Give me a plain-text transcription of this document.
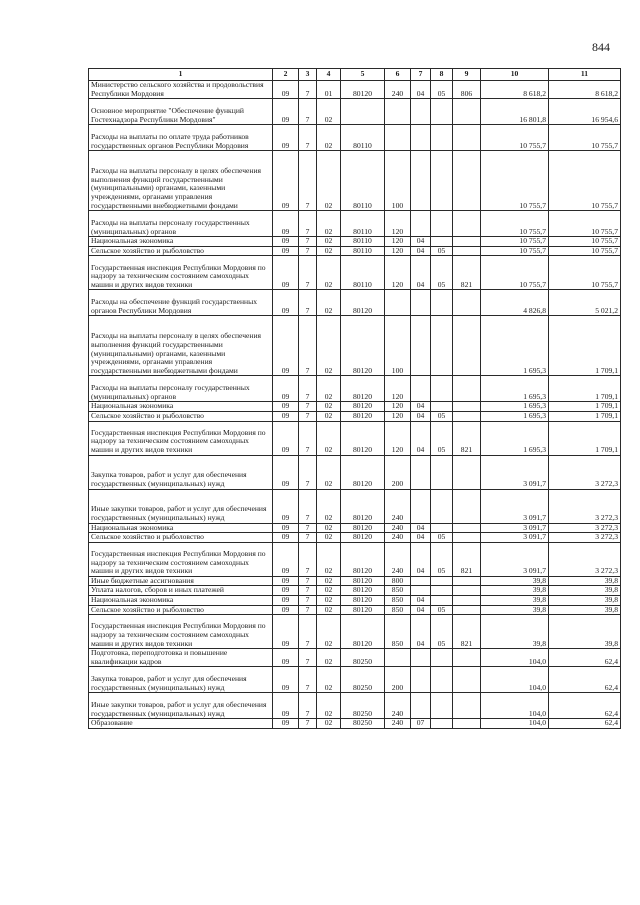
844
1	2	3	4	5	6	7	8	9	10	11
Министерство сельского хозяйства и продовольствия Республики Мордовия	09	7	01	80120	240	04	05	806	8 618,2	8 618,2
Основное мероприятие "Обеспечение функций Гостехнадзора Республики Мордовия"	09	7	02						16 801,8	16 954,6
Расходы на выплаты по оплате труда работников государственных органов Республики Мордовия	09	7	02	80110					10 755,7	10 755,7
Расходы на выплаты персоналу в целях обеспечения выполнения функций государственными (муниципальными) органами, казенными учреждениями, органами управления государственными внебюджетными фондами	09	7	02	80110	100				10 755,7	10 755,7
Расходы на выплаты персоналу государственных (муниципальных) органов	09	7	02	80110	120				10 755,7	10 755,7
Национальная экономика	09	7	02	80110	120	04			10 755,7	10 755,7
Сельское хозяйство и рыболовство	09	7	02	80110	120	04	05		10 755,7	10 755,7
Государственная инспекция Республики Мордовия по надзору за техническим состоянием самоходных машин и других видов техники	09	7	02	80110	120	04	05	821	10 755,7	10 755,7
Расходы на обеспечение функций государственных органов Республики Мордовия	09	7	02	80120					4 826,8	5 021,2
Расходы на выплаты персоналу в целях обеспечения выполнения функций государственными (муниципальными) органами, казенными учреждениями, органами управления государственными внебюджетными фондами	09	7	02	80120	100				1 695,3	1 709,1
Расходы на выплаты персоналу государственных (муниципальных) органов	09	7	02	80120	120				1 695,3	1 709,1
Национальная экономика	09	7	02	80120	120	04			1 695,3	1 709,1
Сельское хозяйство и рыболовство	09	7	02	80120	120	04	05		1 695,3	1 709,1
Государственная инспекция Республики Мордовия по надзору за техническим состоянием самоходных машин и других видов техники	09	7	02	80120	120	04	05	821	1 695,3	1 709,1
Закупка товаров, работ и услуг для обеспечения государственных (муниципальных) нужд	09	7	02	80120	200				3 091,7	3 272,3
Иные закупки товаров, работ и услуг для обеспечения государственных (муниципальных) нужд	09	7	02	80120	240				3 091,7	3 272,3
Национальная экономика	09	7	02	80120	240	04			3 091,7	3 272,3
Сельское хозяйство и рыболовство	09	7	02	80120	240	04	05		3 091,7	3 272,3
Государственная инспекция Республики Мордовия по надзору за техническим состоянием самоходных машин и других видов техники	09	7	02	80120	240	04	05	821	3 091,7	3 272,3
Иные бюджетные ассигнования	09	7	02	80120	800				39,8	39,8
Уплата налогов, сборов и иных платежей	09	7	02	80120	850				39,8	39,8
Национальная экономика	09	7	02	80120	850	04			39,8	39,8
Сельское хозяйство и рыболовство	09	7	02	80120	850	04	05		39,8	39,8
Государственная инспекция Республики Мордовия по надзору за техническим состоянием самоходных машин и других видов техники	09	7	02	80120	850	04	05	821	39,8	39,8
Подготовка, переподготовка и повышение квалификации кадров	09	7	02	80250					104,0	62,4
Закупка товаров, работ и услуг для обеспечения государственных (муниципальных) нужд	09	7	02	80250	200				104,0	62,4
Иные закупки товаров, работ и услуг для обеспечения государственных (муниципальных) нужд	09	7	02	80250	240				104,0	62,4
Образование	09	7	02	80250	240	07			104,0	62,4
